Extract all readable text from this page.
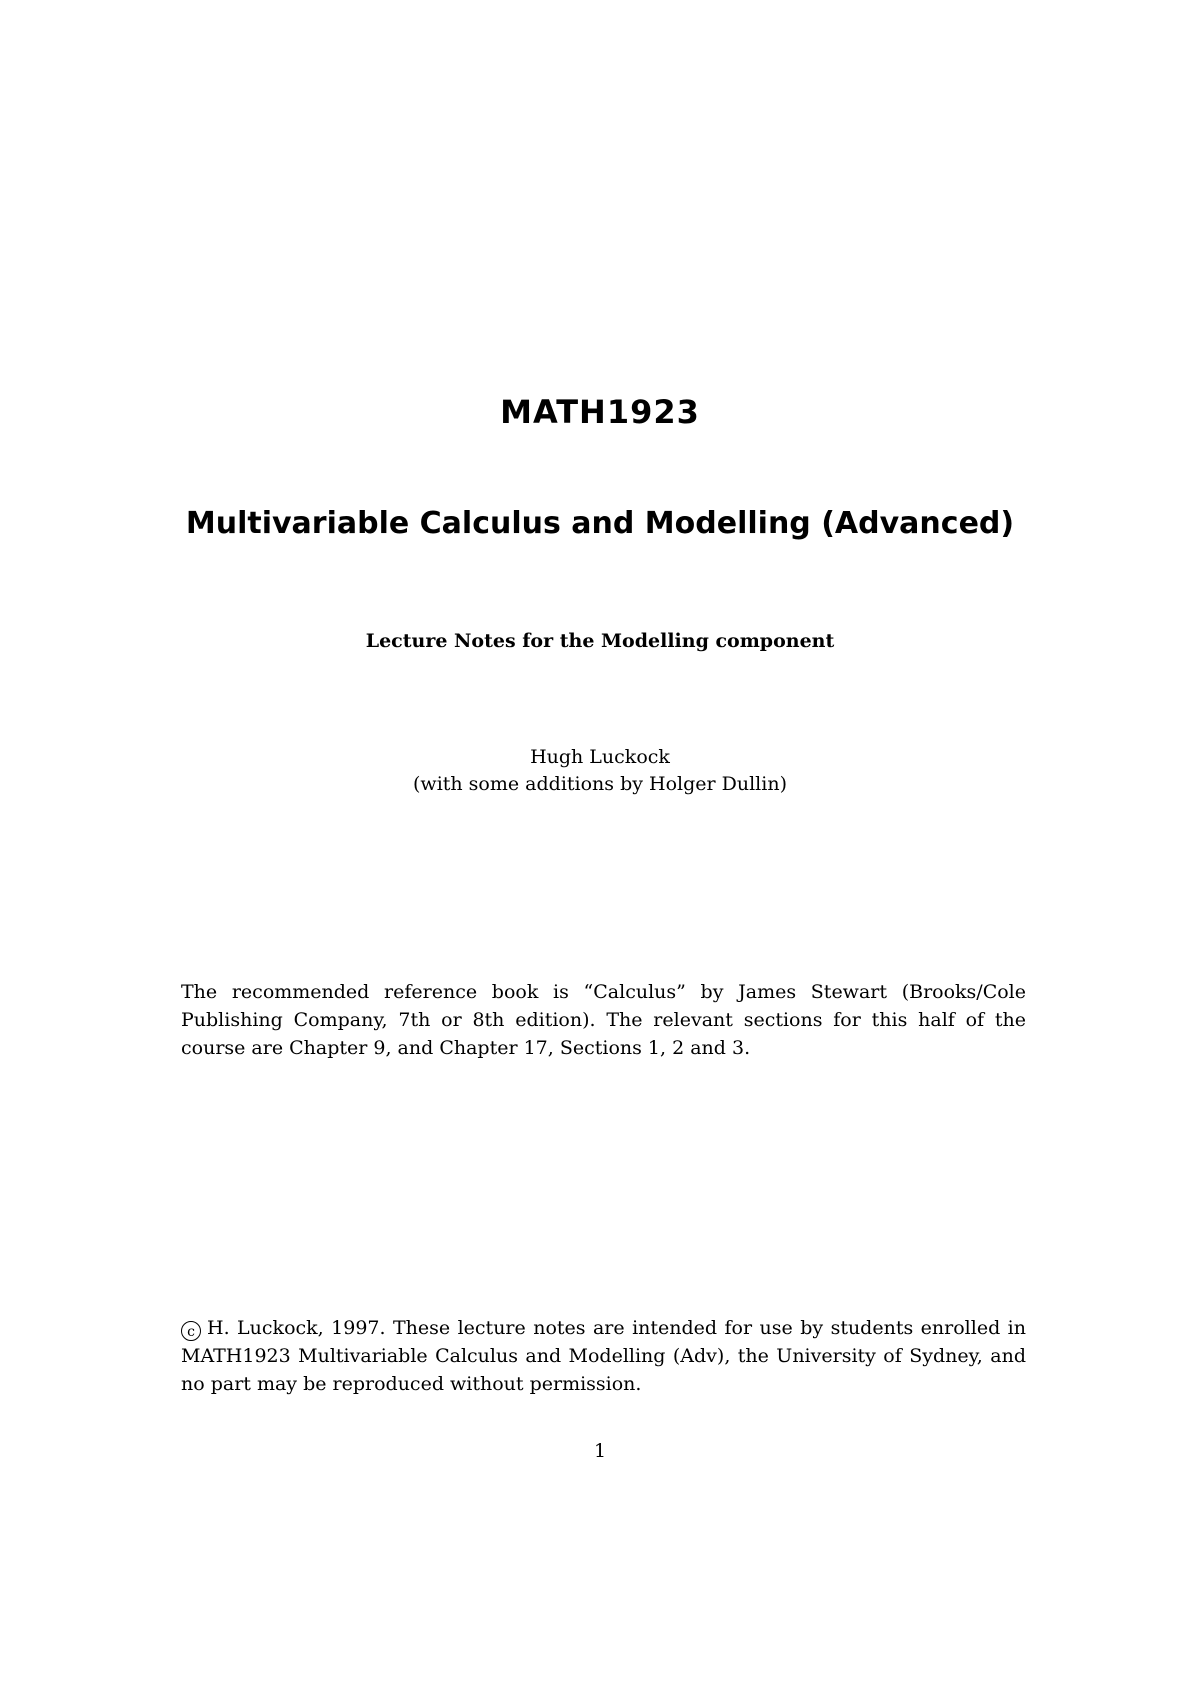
MATH1923
Multivariable Calculus and Modelling (Advanced)
Lecture Notes for the Modelling component
Hugh Luckock
(with some additions by Holger Dullin)
The recommended reference book is “Calculus” by James Stewart (Brooks/Cole Publishing Company, 7th or 8th edition). The relevant sections for this half of the course are Chapter 9, and Chapter 17, Sections 1, 2 and 3.
c H. Luckock, 1997. These lecture notes are intended for use by students enrolled in MATH1923 Multivariable Calculus and Modelling (Adv), the University of Sydney, and no part may be reproduced without permission.
1
